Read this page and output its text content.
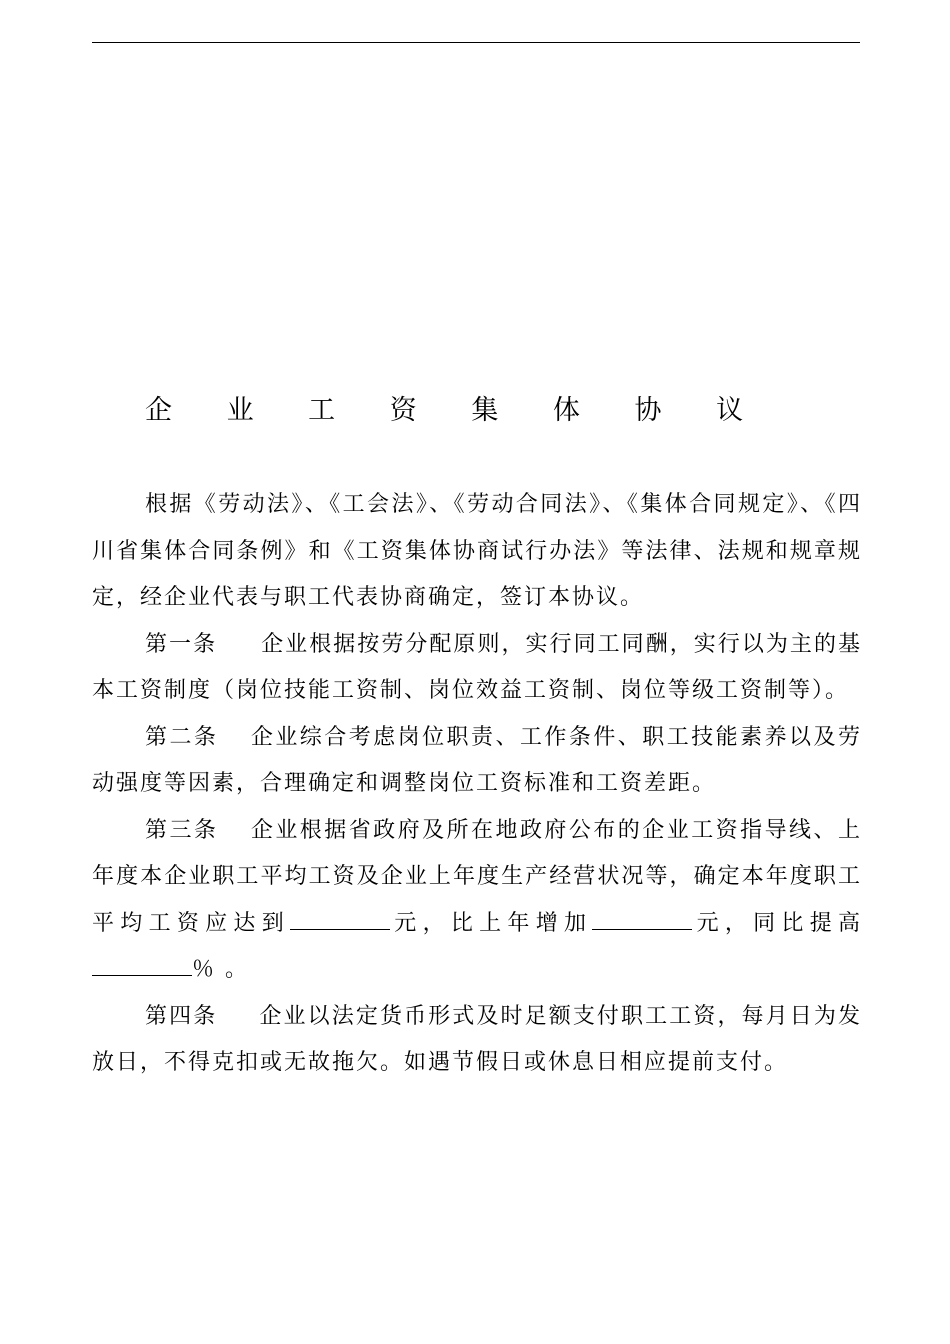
企 业 工 资 集 体 协 议

根据《劳动法》、《工会法》、《劳动合同法》、《集体合同规定》、《四川省集体合同条例》和《工资集体协商试行办法》等法律、法规和规章规定，经企业代表与职工代表协商确定，签订本协议。

第一条 企业根据按劳分配原则，实行同工同酬，实行以为主的基本工资制度（岗位技能工资制、岗位效益工资制、岗位等级工资制等）。

第二条 企业综合考虑岗位职责、工作条件、职工技能素养以及劳动强度等因素，合理确定和调整岗位工资标准和工资差距。

第三条 企业根据省政府及所在地政府公布的企业工资指导线、上年度本企业职工平均工资及企业上年度生产经营状况等，确定本年度职工平均工资应达到	元，比上年增加	元，同比提高％ 。

第四条 企业以法定货币形式及时足额支付职工工资，每月日为发放日，不得克扣或无故拖欠。如遇节假日或休息日相应提前支付。
